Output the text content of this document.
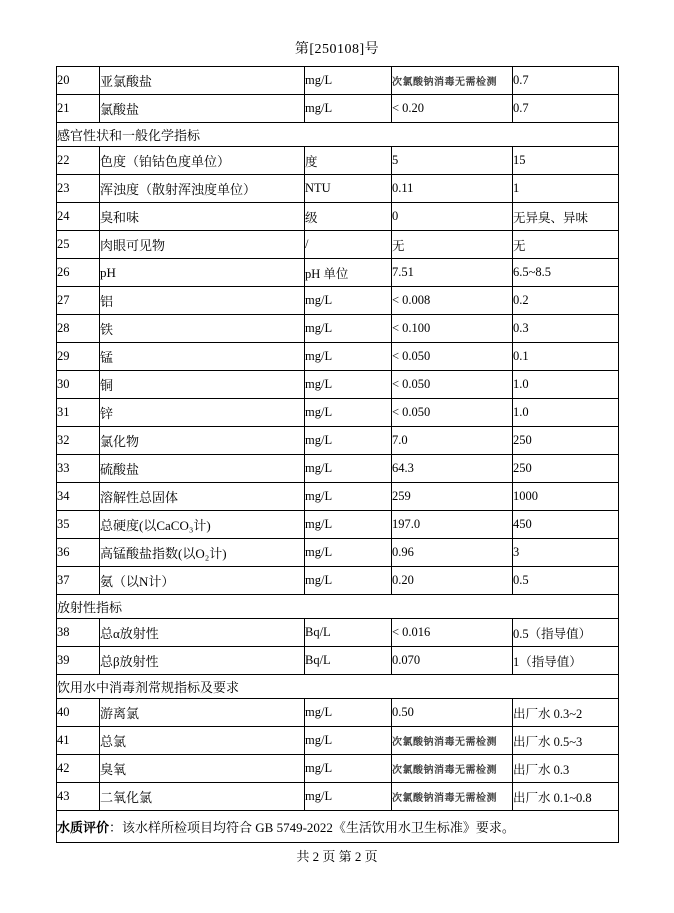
第[250108]号
20	亚氯酸盐	mg/L	次氯酸钠消毒无需检测	0.7
21	氯酸盐	mg/L	< 0.20	0.7
感官性状和一般化学指标				
22	色度（铂钴色度单位）	度	5	15
23	浑浊度（散射浑浊度单位）	NTU	0.11	1
24	臭和味	级	0	无异臭、异味
25	肉眼可见物	/	无	无
26	pH	pH 单位	7.51	6.5~8.5
27	铝	mg/L	< 0.008	0.2
28	铁	mg/L	< 0.100	0.3
29	锰	mg/L	< 0.050	0.1
30	铜	mg/L	< 0.050	1.0
31	锌	mg/L	< 0.050	1.0
32	氯化物	mg/L	7.0	250
33	硫酸盐	mg/L	64.3	250
34	溶解性总固体	mg/L	259	1000
35	总硬度(以CaCO₃计)	mg/L	197.0	450
36	高锰酸盐指数(以O₂计)	mg/L	0.96	3
37	氨（以N计）	mg/L	0.20	0.5
放射性指标				
38	总α放射性	Bq/L	< 0.016	0.5（指导值）
39	总β放射性	Bq/L	0.070	1（指导值）
饮用水中消毒剂常规指标及要求				
40	游离氯	mg/L	0.50	出厂水 0.3~2
41	总氯	mg/L	次氯酸钠消毒无需检测	出厂水 0.5~3
42	臭氧	mg/L	次氯酸钠消毒无需检测	出厂水 0.3
43	二氧化氯	mg/L	次氯酸钠消毒无需检测	出厂水 0.1~0.8
水质评价：该水样所检项目均符合 GB 5749-2022《生活饮用水卫生标准》要求。				
共 2 页 第 2 页
